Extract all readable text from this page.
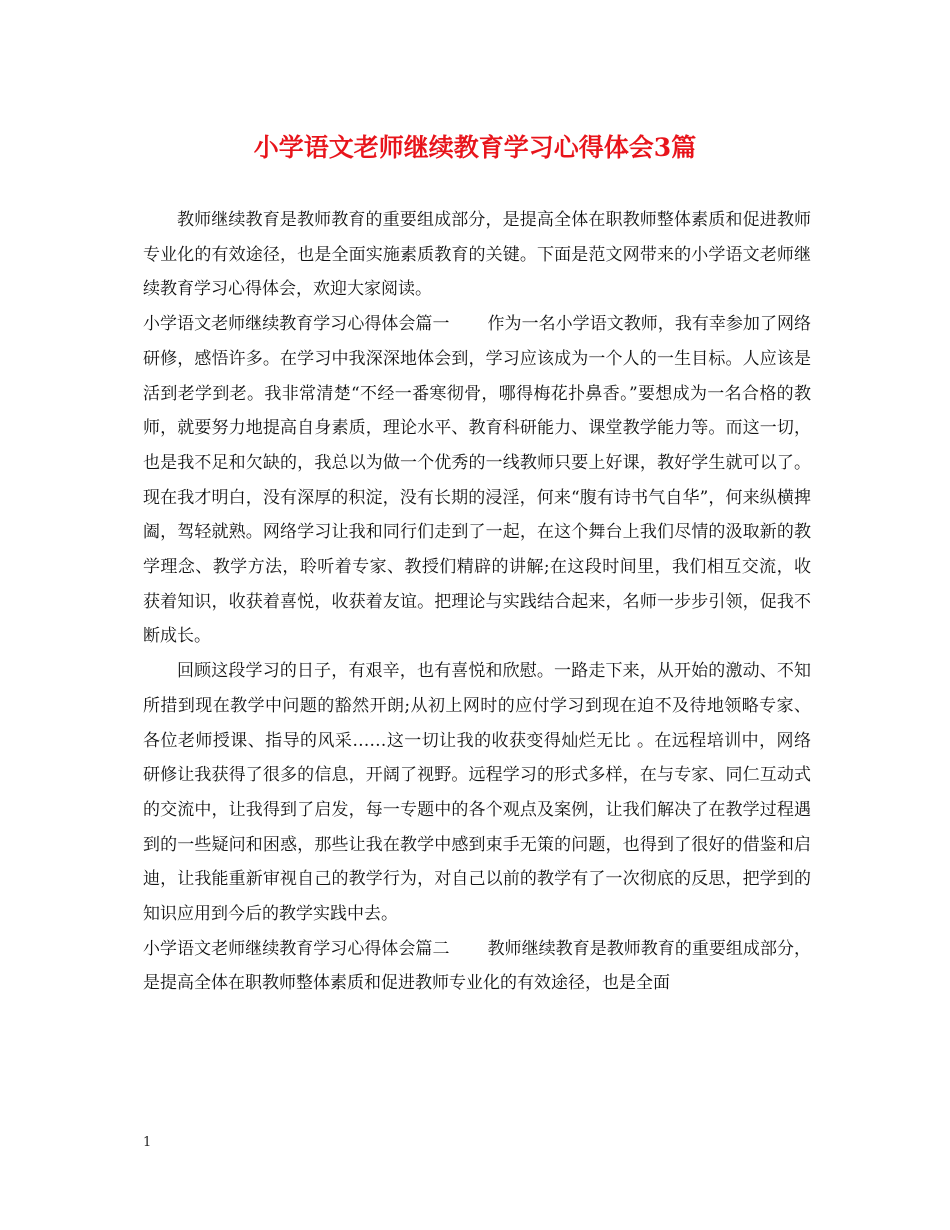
小学语文老师继续教育学习心得体会3篇

教师继续教育是教师教育的重要组成部分，是提高全体在职教师整体素质和促进教师专业化的有效途径，也是全面实施素质教育的关键。下面是范文网带来的小学语文老师继续教育学习心得体会，欢迎大家阅读。

小学语文老师继续教育学习心得体会篇一 作为一名小学语文教师，我有幸参加了网络研修，感悟许多。在学习中我深深地体会到，学习应该成为一个人的一生目标。人应该是活到老学到老。我非常清楚“不经一番寒彻骨，哪得梅花扑鼻香。”要想成为一名合格的教师，就要努力地提高自身素质，理论水平、教育科研能力、课堂教学能力等。而这一切，也是我不足和欠缺的，我总以为做一个优秀的一线教师只要上好课，教好学生就可以了。现在我才明白，没有深厚的积淀，没有长期的浸淫，何来“腹有诗书气自华”，何来纵横捭阖，驾轻就熟。网络学习让我和同行们走到了一起，在这个舞台上我们尽情的汲取新的教学理念、教学方法，聆听着专家、教授们精辟的讲解;在这段时间里，我们相互交流，收获着知识，收获着喜悦，收获着友谊。把理论与实践结合起来，名师一步步引领，促我不断成长。

回顾这段学习的日子，有艰辛，也有喜悦和欣慰。一路走下来，从开始的激动、不知所措到现在教学中问题的豁然开朗;从初上网时的应付学习到现在迫不及待地领略专家、各位老师授课、指导的风采……这一切让我的收获变得灿烂无比 。在远程培训中，网络研修让我获得了很多的信息，开阔了视野。远程学习的形式多样，在与专家、同仁互动式的交流中，让我得到了启发，每一专题中的各个观点及案例，让我们解决了在教学过程遇到的一些疑问和困惑，那些让我在教学中感到束手无策的问题，也得到了很好的借鉴和启迪，让我能重新审视自己的教学行为，对自己以前的教学有了一次彻底的反思，把学到的知识应用到今后的教学实践中去。

小学语文老师继续教育学习心得体会篇二 教师继续教育是教师教育的重要组成部分，是提高全体在职教师整体素质和促进教师专业化的有效途径，也是全面

1
